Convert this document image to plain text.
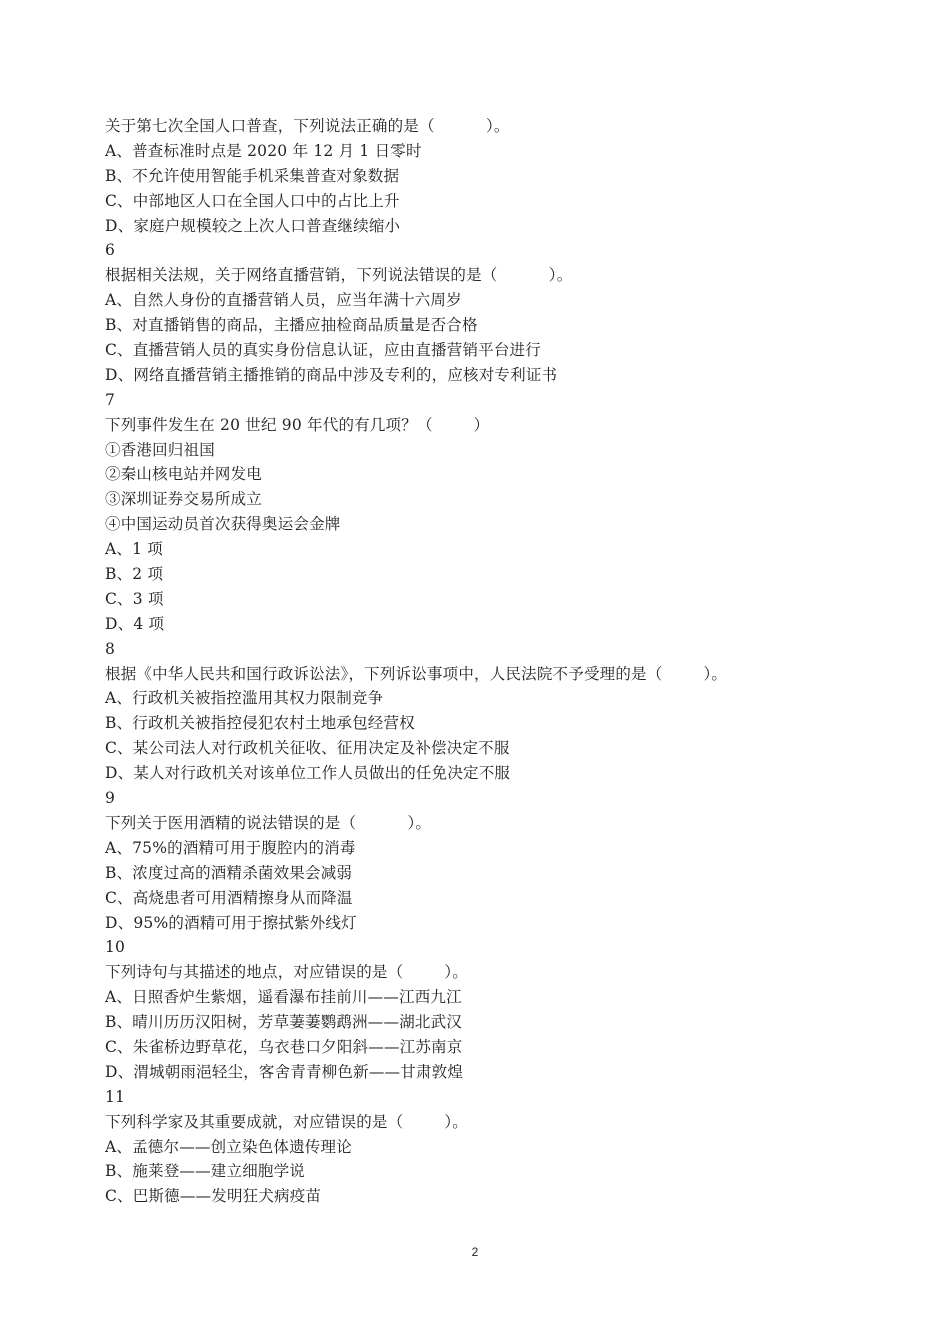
关于第七次全国人口普查，下列说法正确的是（          ）。
A、普查标准时点是 2020 年 12 月 1 日零时
B、不允许使用智能手机采集普查对象数据
C、中部地区人口在全国人口中的占比上升
D、家庭户规模较之上次人口普查继续缩小
6
根据相关法规，关于网络直播营销，下列说法错误的是（          ）。
A、自然人身份的直播营销人员，应当年满十六周岁
B、对直播销售的商品，主播应抽检商品质量是否合格
C、直播营销人员的真实身份信息认证，应由直播营销平台进行
D、网络直播营销主播推销的商品中涉及专利的，应核对专利证书
7
下列事件发生在 20 世纪 90 年代的有几项？（        ）
①香港回归祖国
②秦山核电站并网发电
③深圳证券交易所成立
④中国运动员首次获得奥运会金牌
A、1 项
B、2 项
C、3 项
D、4 项
8
根据《中华人民共和国行政诉讼法》，下列诉讼事项中，人民法院不予受理的是（        ）。
A、行政机关被指控滥用其权力限制竞争
B、行政机关被指控侵犯农村土地承包经营权
C、某公司法人对行政机关征收、征用决定及补偿决定不服
D、某人对行政机关对该单位工作人员做出的任免决定不服
9
下列关于医用酒精的说法错误的是（          ）。
A、75%的酒精可用于腹腔内的消毒
B、浓度过高的酒精杀菌效果会减弱
C、高烧患者可用酒精擦身从而降温
D、95%的酒精可用于擦拭紫外线灯
10
下列诗句与其描述的地点，对应错误的是（        ）。
A、日照香炉生紫烟，遥看瀑布挂前川——江西九江
B、晴川历历汉阳树，芳草萋萋鹦鹉洲——湖北武汉
C、朱雀桥边野草花，乌衣巷口夕阳斜——江苏南京
D、渭城朝雨浥轻尘，客舍青青柳色新——甘肃敦煌
11
下列科学家及其重要成就，对应错误的是（        ）。
A、孟德尔——创立染色体遗传理论
B、施莱登——建立细胞学说
C、巴斯德——发明狂犬病疫苗
2
